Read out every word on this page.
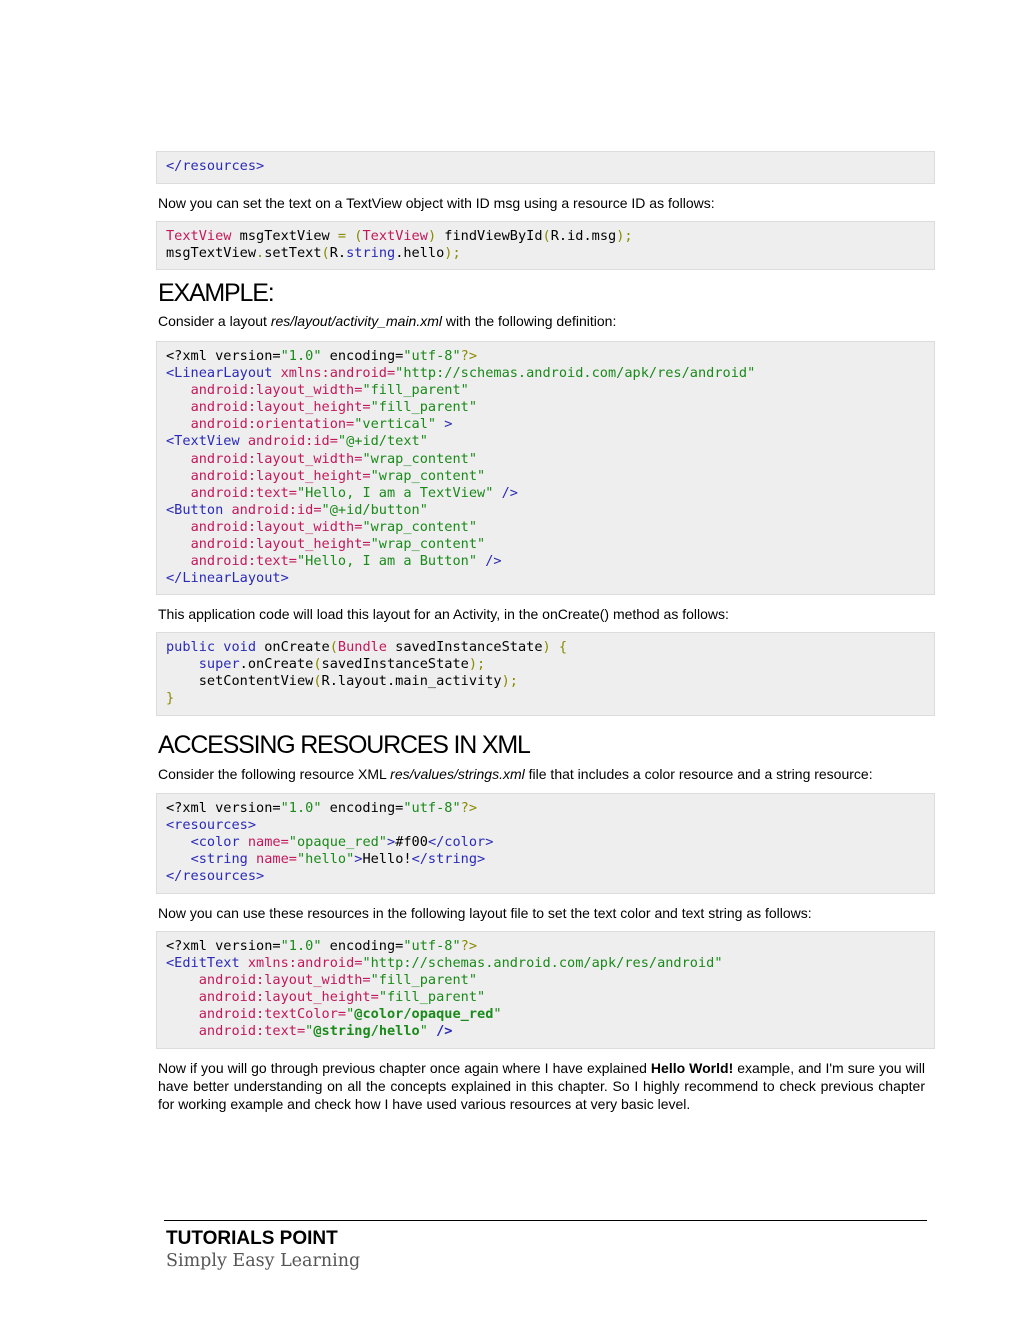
</resources>

Now you can set the text on a TextView object with ID msg using a resource ID as follows:

TextView msgTextView = (TextView) findViewById(R.id.msg);
msgTextView.setText(R.string.hello);
EXAMPLE:

Consider a layout res/layout/activity_main.xml with the following definition:

<?xml version="1.0" encoding="utf-8"?>
<LinearLayout xmlns:android="http://schemas.android.com/apk/res/android"
android:layout_width="fill_parent"
android:layout_height="fill_parent"
android:orientation="vertical" >
<TextView android:id="@+id/text"
android:layout_width="wrap_content"
android:layout_height="wrap_content"
android:text="Hello, I am a TextView" />
<Button android:id="@+id/button"
android:layout_width="wrap_content"
android:layout_height="wrap_content"
android:text="Hello, I am a Button" />
</LinearLayout>

This application code will load this layout for an Activity, in the onCreate() method as follows:

public void onCreate(Bundle savedInstanceState) {
super.onCreate(savedInstanceState);
setContentView(R.layout.main_activity);
}
ACCESSING RESOURCES IN XML

Consider the following resource XML res/values/strings.xml file that includes a color resource and a string resource:

<?xml version="1.0" encoding="utf-8"?>
<resources>
<color name="opaque_red">#f00</color>
<string name="hello">Hello!</string>
</resources>

Now you can use these resources in the following layout file to set the text color and text string as follows:

<?xml version="1.0" encoding="utf-8"?>
<EditText xmlns:android="http://schemas.android.com/apk/res/android"
android:layout_width="fill_parent"
android:layout_height="fill_parent"
android:textColor="@color/opaque_red"
android:text="@string/hello" />

Now if you will go through previous chapter once again where I have explained Hello World! example, and I'm sure you will have better understanding on all the concepts explained in this chapter. So I highly recommend to check previous chapter for working example and check how I have used various resources at very basic level.

TUTORIALS POINT
Simply Easy Learning
